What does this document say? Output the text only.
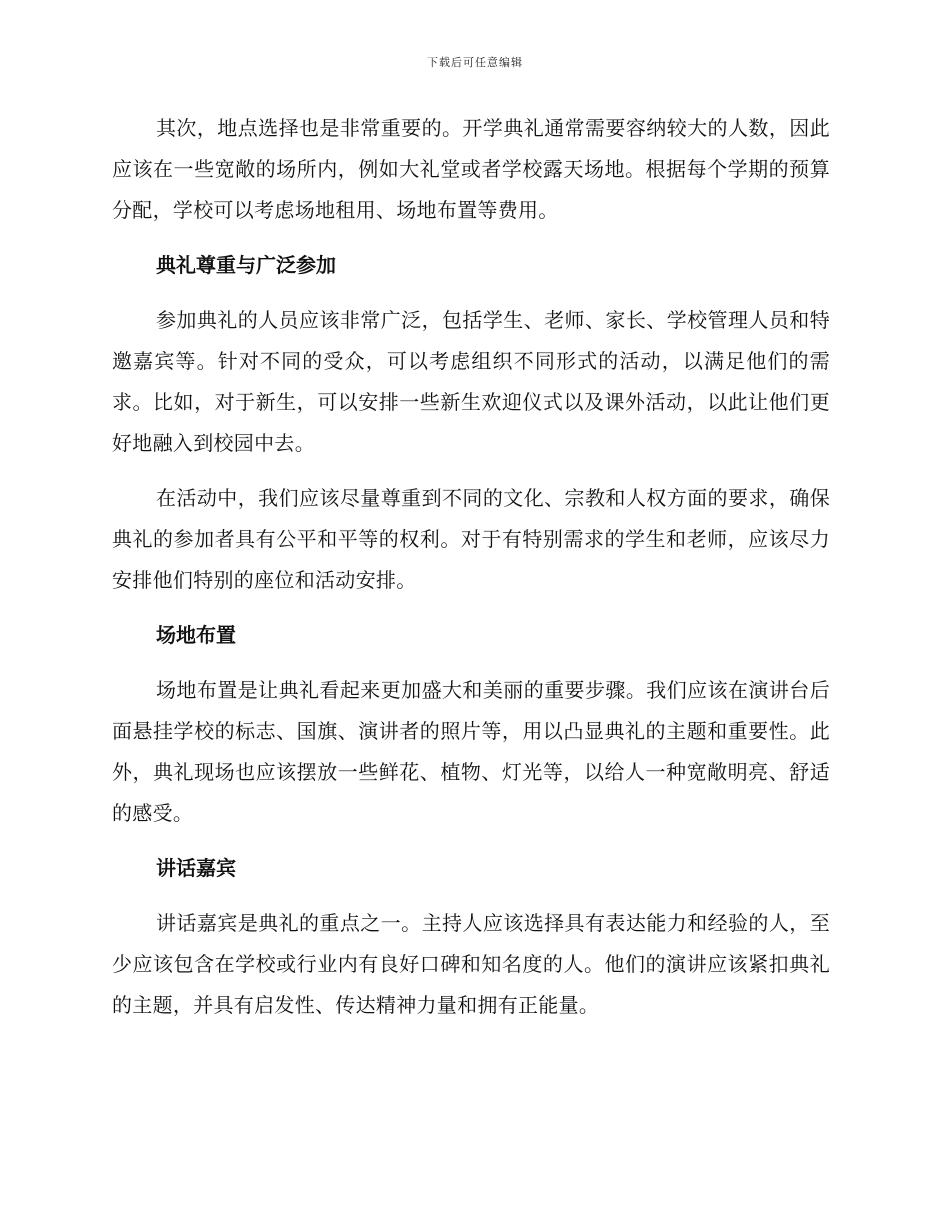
下载后可任意编辑

其次，地点选择也是非常重要的。开学典礼通常需要容纳较大的人数，因此应该在一些宽敞的场所内，例如大礼堂或者学校露天场地。根据每个学期的预算分配，学校可以考虑场地租用、场地布置等费用。

典礼尊重与广泛参加

参加典礼的人员应该非常广泛，包括学生、老师、家长、学校管理人员和特邀嘉宾等。针对不同的受众，可以考虑组织不同形式的活动，以满足他们的需求。比如，对于新生，可以安排一些新生欢迎仪式以及课外活动，以此让他们更好地融入到校园中去。

在活动中，我们应该尽量尊重到不同的文化、宗教和人权方面的要求，确保典礼的参加者具有公平和平等的权利。对于有特别需求的学生和老师，应该尽力安排他们特别的座位和活动安排。

场地布置

场地布置是让典礼看起来更加盛大和美丽的重要步骤。我们应该在演讲台后面悬挂学校的标志、国旗、演讲者的照片等，用以凸显典礼的主题和重要性。此外，典礼现场也应该摆放一些鲜花、植物、灯光等，以给人一种宽敞明亮、舒适的感受。

讲话嘉宾

讲话嘉宾是典礼的重点之一。主持人应该选择具有表达能力和经验的人，至少应该包含在学校或行业内有良好口碑和知名度的人。他们的演讲应该紧扣典礼的主题，并具有启发性、传达精神力量和拥有正能量。
